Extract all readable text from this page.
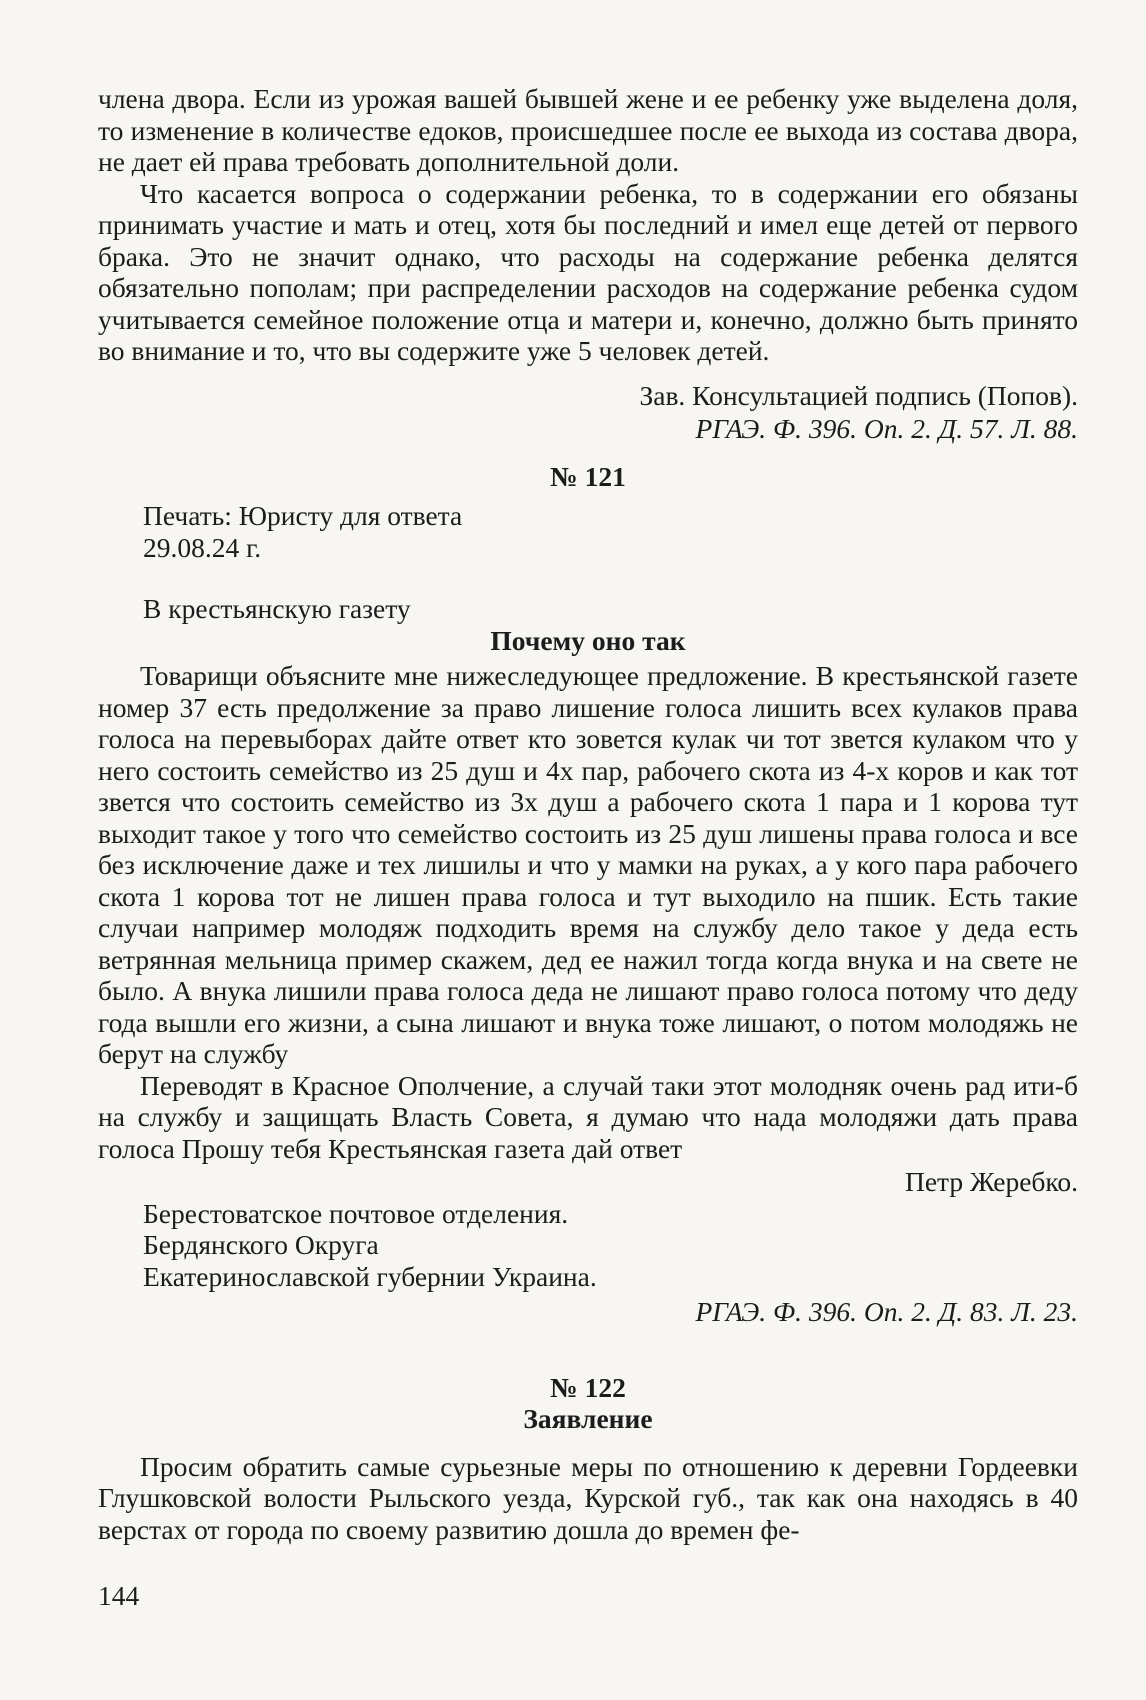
члена двора. Если из урожая вашей бывшей жене и ее ребенку уже выделена доля, то изменение в количестве едоков, происшедшее после ее выхода из состава двора, не дает ей права требовать дополнительной доли.

Что касается вопроса о содержании ребенка, то в содержании его обязаны принимать участие и мать и отец, хотя бы последний и имел еще детей от первого брака. Это не значит однако, что расходы на содержание ребенка делятся обязательно пополам; при распределении расходов на содержание ребенка судом учитывается семейное положение отца и матери и, конечно, должно быть принято во внимание и то, что вы содержите уже 5 человек детей.

Зав. Консультацией подпись (Попов).

РГАЭ. Ф. 396. Оп. 2. Д. 57. Л. 88.

№ 121

Печать: Юристу для ответа

29.08.24 г.

В крестьянскую газету

Почему оно так

Товарищи объясните мне нижеследующее предложение. В крестьянской газете номер 37 есть предолжение за право лишение голоса лишить всех кулаков права голоса на перевыборах дайте ответ кто зовется кулак чи тот зветcя кулаком что у него состоить семейство из 25 душ и 4х пар, рабочего скота из 4-х коров и как тот зветcя что состоить семейство из 3х душ а рабочего скота 1 пара и 1 корова тут выходит такое у того что семейство состоить из 25 душ лишены права голоса и все без исключение даже и тех лишилы и что у мамки на руках, а у кого пара рабочего скота 1 корова тот не лишен права голоса и тут выходило на пшик. Есть такие случаи например молодяж подходить время на службу дело такое у деда есть ветрянная мельница пример скажем, дед ее нажил тогда когда внука и на свете не было. А внука лишили права голоса деда не лишают право голоса потому что деду года вышли его жизни, а сына лишают и внука тоже лишают, о потом молодяжь не берут на службу

Переводят в Красное Ополчение, а случай таки этот молодняк очень рад ити-б на службу и защищать Власть Совета, я думаю что нада молодяжи дать права голоса Прошу тебя Крестьянская газета дай ответ

Петр Жеребко.

Берестоватское почтовое отделения.

Бердянского Округа

Екатеринославской губернии Украина.

РГАЭ. Ф. 396. Оп. 2. Д. 83. Л. 23.

№ 122

Заявление

Просим обратить самые сурьезные меры по отношению к деревни Гордеевки Глушковской волости Рыльского уезда, Курской губ., так как она находясь в 40 верстах от города по своему развитию дошла до времен фе-

144
